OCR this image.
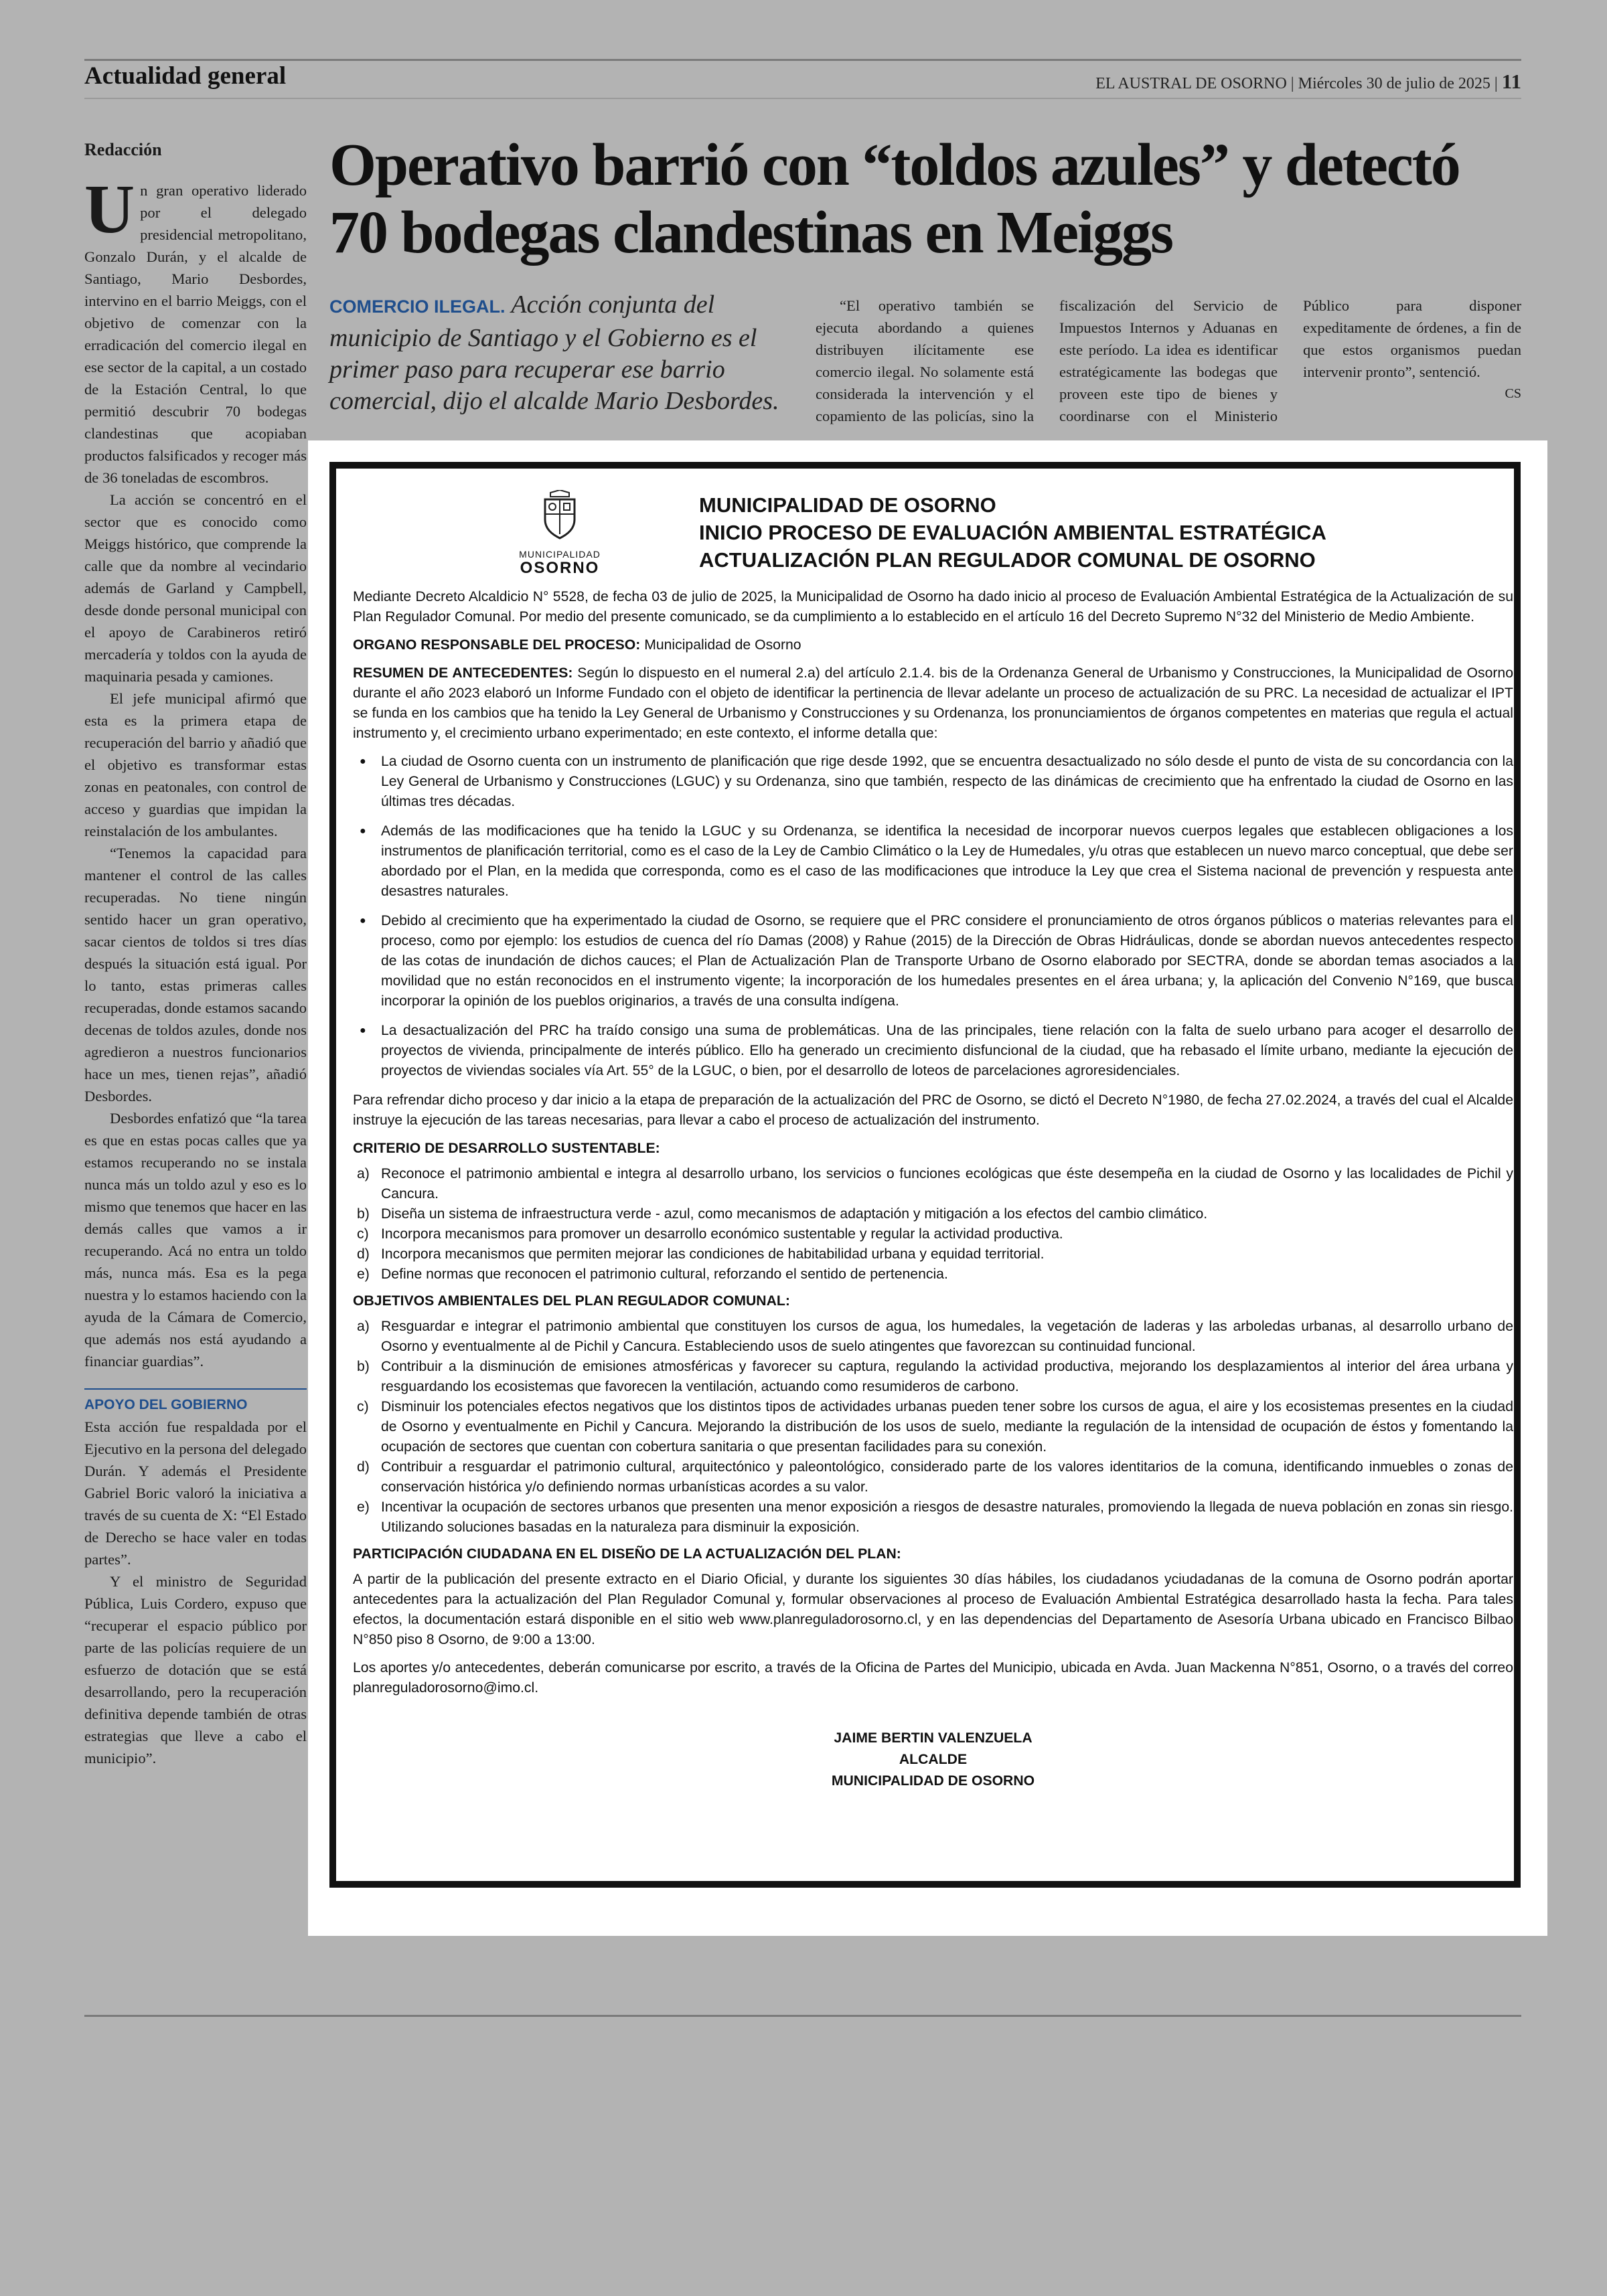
Actualidad general	EL AUSTRAL DE OSORNO | Miércoles 30 de julio de 2025 | 11
Redacción

Un gran operativo liderado por el delegado presidencial metropolitano, Gonzalo Durán, y el alcalde de Santiago, Mario Desbordes, intervino en el barrio Meiggs, con el objetivo de comenzar con la erradicación del comercio ilegal en ese sector de la capital, a un costado de la Estación Central, lo que permitió descubrir 70 bodegas clandestinas que acopiaban productos falsificados y recoger más de 36 toneladas de escombros.

La acción se concentró en el sector que es conocido como Meiggs histórico, que comprende la calle que da nombre al vecindario además de Garland y Campbell, desde donde personal municipal con el apoyo de Carabineros retiró mercadería y toldos con la ayuda de maquinaria pesada y camiones.

El jefe municipal afirmó que esta es la primera etapa de recuperación del barrio y añadió que el objetivo es transformar estas zonas en peatonales, con control de acceso y guardias que impidan la reinstalación de los ambulantes.

“Tenemos la capacidad para mantener el control de las calles recuperadas. No tiene ningún sentido hacer un gran operativo, sacar cientos de toldos si tres días después la situación está igual. Por lo tanto, estas primeras calles recuperadas, donde estamos sacando decenas de toldos azules, donde nos agredieron a nuestros funcionarios hace un mes, tienen rejas”, añadió Desbordes.

Desbordes enfatizó que “la tarea es que en estas pocas calles que ya estamos recuperando no se instala nunca más un toldo azul y eso es lo mismo que tenemos que hacer en las demás calles que vamos a ir recuperando. Acá no entra un toldo más, nunca más. Esa es la pega nuestra y lo estamos haciendo con la ayuda de la Cámara de Comercio, que además nos está ayudando a financiar guardias”.

APOYO DEL GOBIERNO

Esta acción fue respaldada por el Ejecutivo en la persona del delegado Durán. Y además el Presidente Gabriel Boric valoró la iniciativa a través de su cuenta de X: “El Estado de Derecho se hace valer en todas partes”.

Y el ministro de Seguridad Pública, Luis Cordero, expuso que “recuperar el espacio público por parte de las policías requiere de un esfuerzo de dotación que se está desarrollando, pero la recuperación definitiva depende también de otras estrategias que lleve a cabo el municipio”.

Operativo barrió con “toldos azules” y detectó 70 bodegas clandestinas en Meiggs
COMERCIO ILEGAL. Acción conjunta del municipio de Santiago y el Gobierno es el primer paso para recuperar ese barrio comercial, dijo el alcalde Mario Desbordes.

“El operativo también se ejecuta abordando a quienes distribuyen ilícitamente ese comercio ilegal. No solamente está considerada la intervención y el copamiento de las policías, sino la fiscalización del Servicio de Impuestos Internos y Aduanas en este período. La idea es identificar estratégicamente las bodegas que proveen este tipo de bienes y coordinarse con el Ministerio Público para disponer expeditamente de órdenes, a fin de que estos organismos puedan intervenir pronto”, sentenció.

CS
MUNICIPALIDAD
OSORNO
MUNICIPALIDAD DE OSORNO
INICIO PROCESO DE EVALUACIÓN AMBIENTAL ESTRATÉGICA
ACTUALIZACIÓN PLAN REGULADOR COMUNAL DE OSORNO

Mediante Decreto Alcaldicio N° 5528, de fecha 03 de julio de 2025, la Municipalidad de Osorno ha dado inicio al proceso de Evaluación Ambiental Estratégica de la Actualización de su Plan Regulador Comunal. Por medio del presente comunicado, se da cumplimiento a lo establecido en el artículo 16 del Decreto Supremo N°32 del Ministerio de Medio Ambiente.

ORGANO RESPONSABLE DEL PROCESO: Municipalidad de Osorno

RESUMEN DE ANTECEDENTES: Según lo dispuesto en el numeral 2.a) del artículo 2.1.4. bis de la Ordenanza General de Urbanismo y Construcciones, la Municipalidad de Osorno durante el año 2023 elaboró un Informe Fundado con el objeto de identificar la pertinencia de llevar adelante un proceso de actualización de su PRC. La necesidad de actualizar el IPT se funda en los cambios que ha tenido la Ley General de Urbanismo y Construcciones y su Ordenanza, los pronunciamientos de órganos competentes en materias que regula el actual instrumento y, el crecimiento urbano experimentado; en este contexto, el informe detalla que:

● La ciudad de Osorno cuenta con un instrumento de planificación que rige desde 1992, que se encuentra desactualizado no sólo desde el punto de vista de su concordancia con la Ley General de Urbanismo y Construcciones (LGUC) y su Ordenanza, sino que también, respecto de las dinámicas de crecimiento que ha enfrentado la ciudad de Osorno en las últimas tres décadas.
● Además de las modificaciones que ha tenido la LGUC y su Ordenanza, se identifica la necesidad de incorporar nuevos cuerpos legales que establecen obligaciones a los instrumentos de planificación territorial, como es el caso de la Ley de Cambio Climático o la Ley de Humedales, y/u otras que establecen un nuevo marco conceptual, que debe ser abordado por el Plan, en la medida que corresponda, como es el caso de las modificaciones que introduce la Ley que crea el Sistema nacional de prevención y respuesta ante desastres naturales.
● Debido al crecimiento que ha experimentado la ciudad de Osorno, se requiere que el PRC considere el pronunciamiento de otros órganos públicos o materias relevantes para el proceso, como por ejemplo: los estudios de cuenca del río Damas (2008) y Rahue (2015) de la Dirección de Obras Hidráulicas, donde se abordan nuevos antecedentes respecto de las cotas de inundación de dichos cauces; el Plan de Actualización Plan de Transporte Urbano de Osorno elaborado por SECTRA, donde se abordan temas asociados a la movilidad que no están reconocidos en el instrumento vigente; la incorporación de los humedales presentes en el área urbana; y, la aplicación del Convenio N°169, que busca incorporar la opinión de los pueblos originarios, a través de una consulta indígena.
● La desactualización del PRC ha traído consigo una suma de problemáticas. Una de las principales, tiene relación con la falta de suelo urbano para acoger el desarrollo de proyectos de vivienda, principalmente de interés público. Ello ha generado un crecimiento disfuncional de la ciudad, que ha rebasado el límite urbano, mediante la ejecución de proyectos de viviendas sociales vía Art. 55° de la LGUC, o bien, por el desarrollo de loteos de parcelaciones agroresidenciales.

Para refrendar dicho proceso y dar inicio a la etapa de preparación de la actualización del PRC de Osorno, se dictó el Decreto N°1980, de fecha 27.02.2024, a través del cual el Alcalde instruye la ejecución de las tareas necesarias, para llevar a cabo el proceso de actualización del instrumento.

CRITERIO DE DESARROLLO SUSTENTABLE:
a) Reconoce el patrimonio ambiental e integra al desarrollo urbano, los servicios o funciones ecológicas que éste desempeña en la ciudad de Osorno y las localidades de Pichil y Cancura.
b) Diseña un sistema de infraestructura verde - azul, como mecanismos de adaptación y mitigación a los efectos del cambio climático.
c) Incorpora mecanismos para promover un desarrollo económico sustentable y regular la actividad productiva.
d) Incorpora mecanismos que permiten mejorar las condiciones de habitabilidad urbana y equidad territorial.
e) Define normas que reconocen el patrimonio cultural, reforzando el sentido de pertenencia.
OBJETIVOS AMBIENTALES DEL PLAN REGULADOR COMUNAL:
a) Resguardar e integrar el patrimonio ambiental que constituyen los cursos de agua, los humedales, la vegetación de laderas y las arboledas urbanas, al desarrollo urbano de Osorno y eventualmente al de Pichil y Cancura. Estableciendo usos de suelo atingentes que favorezcan su continuidad funcional.
b) Contribuir a la disminución de emisiones atmosféricas y favorecer su captura, regulando la actividad productiva, mejorando los desplazamientos al interior del área urbana y resguardando los ecosistemas que favorecen la ventilación, actuando como resumideros de carbono.
c) Disminuir los potenciales efectos negativos que los distintos tipos de actividades urbanas pueden tener sobre los cursos de agua, el aire y los ecosistemas presentes en la ciudad de Osorno y eventualmente en Pichil y Cancura. Mejorando la distribución de los usos de suelo, mediante la regulación de la intensidad de ocupación de éstos y fomentando la ocupación de sectores que cuentan con cobertura sanitaria o que presentan facilidades para su conexión.
d) Contribuir a resguardar el patrimonio cultural, arquitectónico y paleontológico, considerado parte de los valores identitarios de la comuna, identificando inmuebles o zonas de conservación histórica y/o definiendo normas urbanísticas acordes a su valor.
e) Incentivar la ocupación de sectores urbanos que presenten una menor exposición a riesgos de desastre naturales, promoviendo la llegada de nueva población en zonas sin riesgo. Utilizando soluciones basadas en la naturaleza para disminuir la exposición.
PARTICIPACIÓN CIUDADANA EN EL DISEÑO DE LA ACTUALIZACIÓN DEL PLAN:

A partir de la publicación del presente extracto en el Diario Oficial, y durante los siguientes 30 días hábiles, los ciudadanos yciudadanas de la comuna de Osorno podrán aportar antecedentes para la actualización del Plan Regulador Comunal y, formular observaciones al proceso de Evaluación Ambiental Estratégica desarrollado hasta la fecha. Para tales efectos, la documentación estará disponible en el sitio web www.planreguladorosorno.cl, y en las dependencias del Departamento de Asesoría Urbana ubicado en Francisco Bilbao N°850 piso 8 Osorno, de 9:00 a 13:00.

Los aportes y/o antecedentes, deberán comunicarse por escrito, a través de la Oficina de Partes del Municipio, ubicada en Avda. Juan Mackenna N°851, Osorno, o a través del correo planreguladorosorno@imo.cl.

JAIME BERTIN VALENZUELA
ALCALDE
MUNICIPALIDAD DE OSORNO
